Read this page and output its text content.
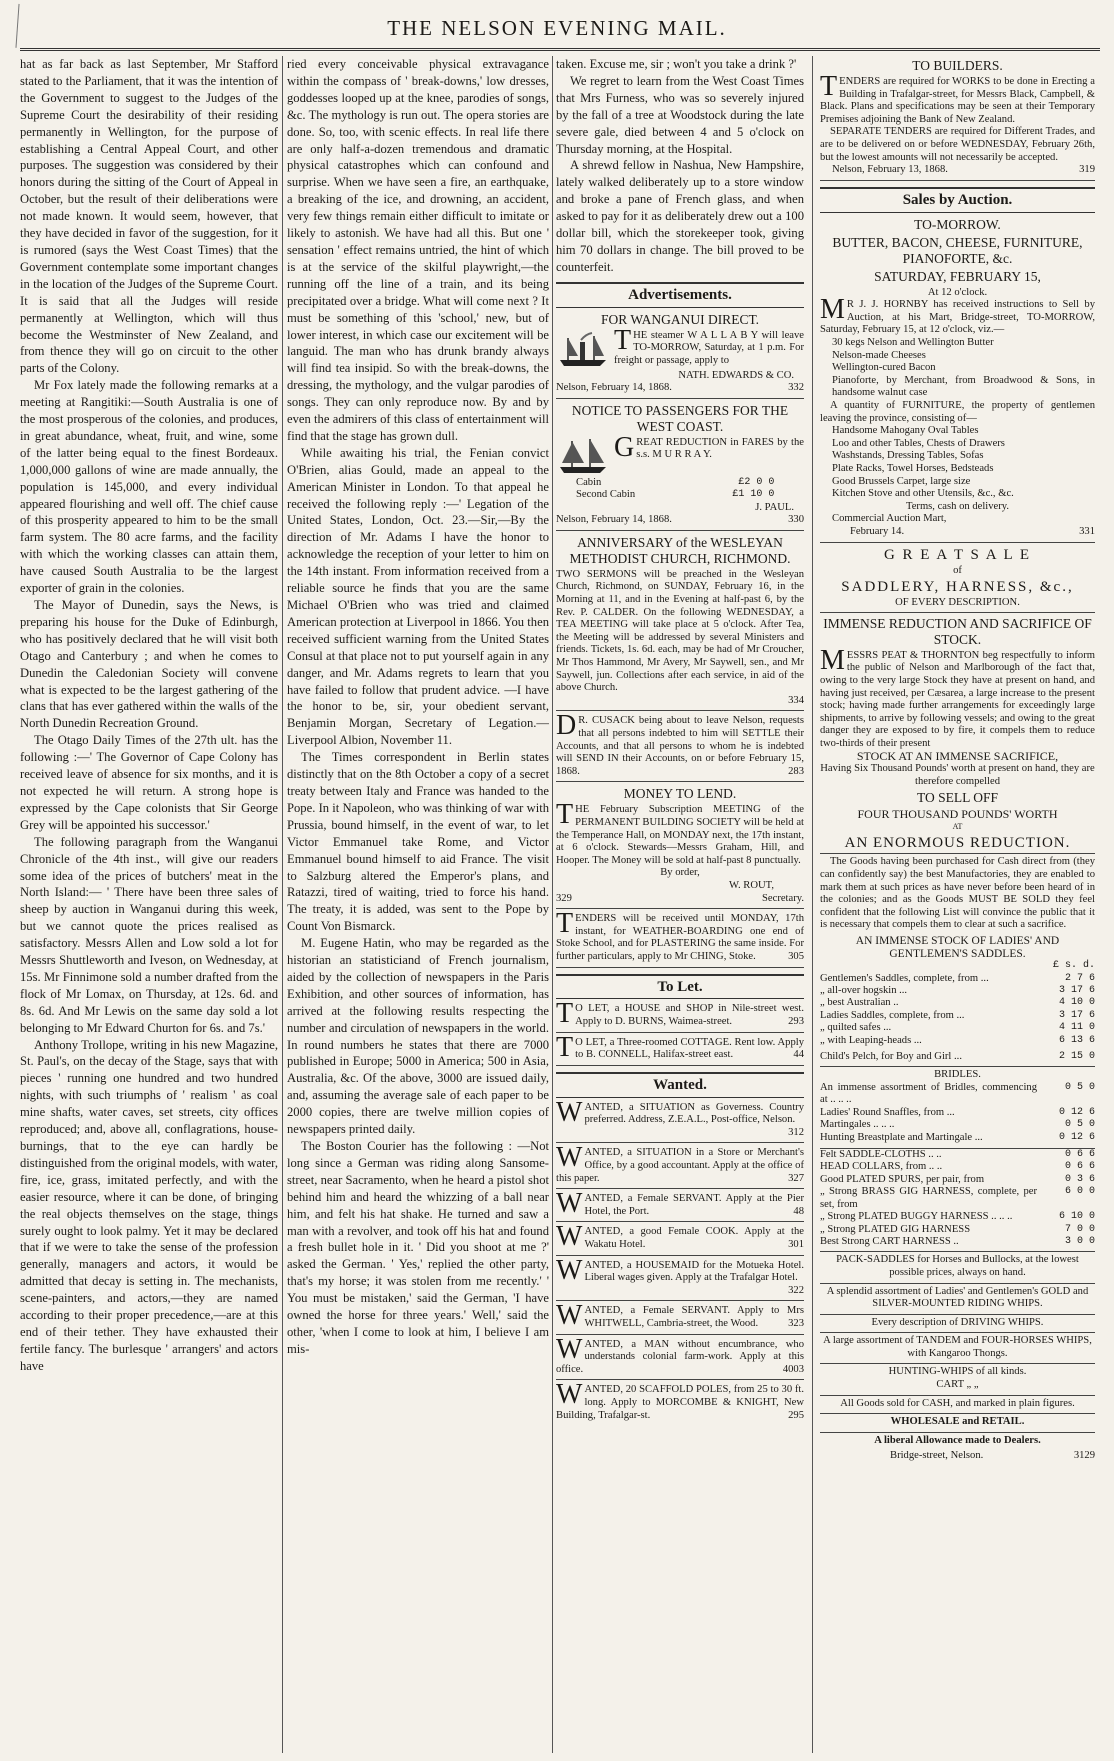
THE NELSON EVENING MAIL.

hat as far back as last September, Mr Stafford stated to the Parliament, that it was the intention of the Government to suggest to the Judges of the Supreme Court the desirability of their residing permanently in Wellington, for the purpose of establishing a Central Appeal Court, and other purposes. The suggestion was considered by their honors during the sitting of the Court of Appeal in October, but the result of their deliberations were not made known. It would seem, however, that they have decided in favor of the suggestion, for it is rumored (says the West Coast Times) that the Government contemplate some important changes in the location of the Judges of the Supreme Court. It is said that all the Judges will reside permanently at Wellington, which will thus become the Westminster of New Zealand, and from thence they will go on circuit to the other parts of the Colony.

Mr Fox lately made the following remarks at a meeting at Rangitiki:—South Australia is one of the most prosperous of the colonies, and produces, in great abundance, wheat, fruit, and wine, some of the latter being equal to the finest Bordeaux. 1,000,000 gallons of wine are made annually, the population is 145,000, and every individual appeared flourishing and well off. The chief cause of this prosperity appeared to him to be the small farm system. The 80 acre farms, and the facility with which the working classes can attain them, have caused South Australia to be the largest exporter of grain in the colonies.

The Mayor of Dunedin, says the News, is preparing his house for the Duke of Edinburgh, who has positively declared that he will visit both Otago and Canterbury ; and when he comes to Dunedin the Caledonian Society will convene what is expected to be the largest gathering of the clans that has ever gathered within the walls of the North Dunedin Recreation Ground.

The Otago Daily Times of the 27th ult. has the following :—' The Governor of Cape Colony has received leave of absence for six months, and it is not expected he will return. A strong hope is expressed by the Cape colonists that Sir George Grey will be appointed his successor.'

The following paragraph from the Wanganui Chronicle of the 4th inst., will give our readers some idea of the prices of butchers' meat in the North Island:— ' There have been three sales of sheep by auction in Wanganui during this week, but we cannot quote the prices realised as satisfactory. Messrs Allen and Low sold a lot for Messrs Shuttleworth and Iveson, on Wednesday, at 15s. Mr Finnimone sold a number drafted from the flock of Mr Lomax, on Thursday, at 12s. 6d. and 8s. 6d. And Mr Lewis on the same day sold a lot belonging to Mr Edward Churton for 6s. and 7s.'

Anthony Trollope, writing in his new Magazine, St. Paul's, on the decay of the Stage, says that with pieces ' running one hundred and two hundred nights, with such triumphs of ' realism ' as coal mine shafts, water caves, set streets, city offices reproduced; and, above all, conflagrations, house-burnings, that to the eye can hardly be distinguished from the original models, with water, fire, ice, grass, imitated perfectly, and with the easier resource, where it can be done, of bringing the real objects themselves on the stage, things surely ought to look palmy. Yet it may be declared that if we were to take the sense of the profession generally, managers and actors, it would be admitted that decay is setting in. The mechanists, scene-painters, and actors,—they are named according to their proper precedence,—are at this end of their tether. They have exhausted their fertile fancy. The burlesque ' arrangers' and actors have

ried every conceivable physical extravagance within the compass of ' break-downs,' low dresses, goddesses looped up at the knee, parodies of songs, &c. The mythology is run out. The opera stories are done. So, too, with scenic effects. In real life there are only half-a-dozen tremendous and dramatic physical catastrophes which can confound and surprise. When we have seen a fire, an earthquake, a breaking of the ice, and drowning, an accident, very few things remain either difficult to imitate or likely to astonish. We have had all this. But one ' sensation ' effect remains untried, the hint of which is at the service of the skilful playwright,—the running off the line of a train, and its being precipitated over a bridge. What will come next ? It must be something of this 'school,' new, but of lower interest, in which case our excitement will be languid. The man who has drunk brandy always will find tea insipid. So with the break-downs, the dressing, the mythology, and the vulgar parodies of songs. They can only reproduce now. By and by even the admirers of this class of entertainment will find that the stage has grown dull.

While awaiting his trial, the Fenian convict O'Brien, alias Gould, made an appeal to the American Minister in London. To that appeal he received the following reply :—' Legation of the United States, London, Oct. 23.—Sir,—By the direction of Mr. Adams I have the honor to acknowledge the reception of your letter to him on the 14th instant. From information received from a reliable source he finds that you are the same Michael O'Brien who was tried and claimed American protection at Liverpool in 1866. You then received sufficient warning from the United States Consul at that place not to put yourself again in any danger, and Mr. Adams regrets to learn that you have failed to follow that prudent advice. —I have the honor to be, sir, your obedient servant, Benjamin Morgan, Secretary of Legation.—Liverpool Albion, November 11.

The Times correspondent in Berlin states distinctly that on the 8th October a copy of a secret treaty between Italy and France was handed to the Pope. In it Napoleon, who was thinking of war with Prussia, bound himself, in the event of war, to let Victor Emmanuel take Rome, and Victor Emmanuel bound himself to aid France. The visit to Salzburg altered the Emperor's plans, and Ratazzi, tired of waiting, tried to force his hand. The treaty, it is added, was sent to the Pope by Count Von Bismarck.

M. Eugene Hatin, who may be regarded as the historian an statisticiand of French journalism, aided by the collection of newspapers in the Paris Exhibition, and other sources of information, has arrived at the following results respecting the number and circulation of newspapers in the world. In round numbers he states that there are 7000 published in Europe; 5000 in America; 500 in Asia, Australia, &c. Of the above, 3000 are issued daily, and, assuming the average sale of each paper to be 2000 copies, there are twelve million copies of newspapers printed daily.

The Boston Courier has the following : —Not long since a German was riding along Sansome-street, near Sacramento, when he heard a pistol shot behind him and heard the whizzing of a ball near him, and felt his hat shake. He turned and saw a man with a revolver, and took off his hat and found a fresh bullet hole in it. ' Did you shoot at me ?' asked the German. ' Yes,' replied the other party, that's my horse; it was stolen from me recently.' ' You must be mistaken,' said the German, 'I have owned the horse for three years.' Well,' said the other, 'when I come to look at him, I believe I am mis-

taken. Excuse me, sir ; won't you take a drink ?'

We regret to learn from the West Coast Times that Mrs Furness, who was so severely injured by the fall of a tree at Woodstock during the late severe gale, died between 4 and 5 o'clock on Thursday morning, at the Hospital.

A shrewd fellow in Nashua, New Hampshire, lately walked deliberately up to a store window and broke a pane of French glass, and when asked to pay for it as deliberately drew out a 100 dollar bill, which the storekeeper took, giving him 70 dollars in change. The bill proved to be counterfeit.

Advertisements.
FOR WANGANUI DIRECT.
T HE steamer W A L L A B Y will leave TO-MORROW, Saturday, at 1 p.m. For freight or passage, apply to
NATH. EDWARDS & CO.
Nelson, February 14, 1868.	332
NOTICE TO PASSENGERS FOR THE WEST COAST.
G REAT REDUCTION in FARES by the s.s. M U R R A Y.
Cabin	£2 0 0
Second Cabin	£1 10 0
J. PAUL.
Nelson, February 14, 1868.	330
ANNIVERSARY of the WESLEYAN METHODIST CHURCH, RICHMOND.
TWO SERMONS will be preached in the Wesleyan Church, Richmond, on SUNDAY, February 16, in the Morning at 11, and in the Evening at half-past 6, by the Rev. P. CALDER. On the following WEDNESDAY, a TEA MEETING will take place at 5 o'clock. After Tea, the Meeting will be addressed by several Ministers and friends. Tickets, 1s. 6d. each, may be had of Mr Croucher, Mr Thos Hammond, Mr Avery, Mr Saywell, sen., and Mr Saywell, jun. Collections after each service, in aid of the above Church.
334
D R. CUSACK being about to leave Nelson, requests that all persons indebted to him will SETTLE their Accounts, and that all persons to whom he is indebted will SEND IN their Accounts, on or before February 15, 1868.	283
MONEY TO LEND.
T HE February Subscription MEETING of the PERMANENT BUILDING SOCIETY will be held at the Temperance Hall, on MONDAY next, the 17th instant, at 6 o'clock. Stewards—Messrs Graham, Hill, and Hooper. The Money will be sold at half-past 8 punctually.
By order,
W. ROUT,
329	Secretary.
T ENDERS will be received until MONDAY, 17th instant, for WEATHER-BOARDING one end of Stoke School, and for PLASTERING the same inside. For further particulars, apply to Mr CHING, Stoke.	305
To Let.
T O LET, a HOUSE and SHOP in Nile-street west. Apply to D. BURNS, Waimea-street.	293
T O LET, a Three-roomed COTTAGE. Rent low. Apply to B. CONNELL, Halifax-street east.	44
Wanted.
WANTED, a SITUATION as Governess. Country preferred. Address, Z.E.A.L., Post-office, Nelson.
312
WANTED, a SITUATION in a Store or Merchant's Office, by a good accountant. Apply at the office of this paper.	327
WANTED, a Female SERVANT. Apply at the Pier Hotel, the Port.	48
WANTED, a good Female COOK. Apply at the Wakatu Hotel.	301
WANTED, a HOUSEMAID for the Motueka Hotel. Liberal wages given. Apply at the Trafalgar Hotel.
322
WANTED, a Female SERVANT. Apply to Mrs WHITWELL, Cambria-street, the Wood.	323
WANTED, a MAN without encumbrance, who understands colonial farm-work. Apply at this office.	4003
WANTED, 20 SCAFFOLD POLES, from 25 to 30 ft. long. Apply to MORCOMBE & KNIGHT, New Building, Trafalgar-st.	295
TO BUILDERS.
T ENDERS are required for WORKS to be done in Erecting a Building in Trafalgar-street, for Messrs Black, Campbell, & Black. Plans and specifications may be seen at their Temporary Premises adjoining the Bank of New Zealand.
SEPARATE TENDERS are required for Different Trades, and are to be delivered on or before WEDNESDAY, February 26th, but the lowest amounts will not necessarily be accepted.
Nelson, February 13, 1868.	319
Sales by Auction.
TO-MORROW.
BUTTER, BACON, CHEESE, FURNITURE, PIANOFORTE, &c.
SATURDAY, FEBRUARY 15,
At 12 o'clock.
M R J. J. HORNBY has received instructions to Sell by Auction, at his Mart, Bridge-street, TO-MORROW, Saturday, February 15, at 12 o'clock, viz.—
30 kegs Nelson and Wellington Butter
Nelson-made Cheeses
Wellington-cured Bacon
Pianoforte, by Merchant, from Broadwood & Sons, in handsome walnut case
A quantity of FURNITURE, the property of gentlemen leaving the province, consisting of—
Handsome Mahogany Oval Tables
Loo and other Tables, Chests of Drawers
Washstands, Dressing Tables, Sofas
Plate Racks, Towel Horses, Bedsteads
Good Brussels Carpet, large size
Kitchen Stove and other Utensils, &c., &c.
Terms, cash on delivery.
Commercial Auction Mart,
February 14.	331
G R E A T S A L E
of
SADDLERY, HARNESS, &c.,
OF EVERY DESCRIPTION.
IMMENSE REDUCTION AND SACRIFICE OF STOCK.
M ESSRS PEAT & THORNTON beg respectfully to inform the public of Nelson and Marlborough of the fact that, owing to the very large Stock they have at present on hand, and having just received, per Cæsarea, a large increase to the present stock; having made further arrangements for exceedingly large shipments, to arrive by following vessels; and owing to the great danger they are exposed to by fire, it compels them to reduce two-thirds of their present
STOCK AT AN IMMENSE SACRIFICE,
Having Six Thousand Pounds' worth at present on hand, they are therefore compelled
TO SELL OFF
FOUR THOUSAND POUNDS' WORTH
AT
AN ENORMOUS REDUCTION.
The Goods having been purchased for Cash direct from (they can confidently say) the best Manufactories, they are enabled to mark them at such prices as have never before been heard of in the colonies; and as the Goods MUST BE SOLD they feel confident that the following List will convince the public that it is necessary that compels them to clear at such a sacrifice.
AN IMMENSE STOCK OF LADIES' AND GENTLEMEN'S SADDLES.
	£ s. d.
Gentlemen's Saddles, complete, from ...	2 7 6
„ all-over hogskin ...	3 17 6
„ best Australian ..	4 10 0
Ladies Saddles, complete, from ...	3 17 6
„ quilted safes ...	4 11 0
„ with Leaping-heads ...	6 13 6

Child's Pelch, for Boy and Girl ...	2 15 0
BRIDLES.
An immense assortment of Bridles, commencing at .. .. ..	0 5 0
Ladies' Round Snaffles, from ...	0 12 6
Martingales .. .. ..	0 5 0
Hunting Breastplate and Martingale ...	0 12 6

Felt SADDLE-CLOTHS .. ..	0 6 6
HEAD COLLARS, from .. ..	0 6 6
Good PLATED SPURS, per pair, from	0 3 6
„ Strong BRASS GIG HARNESS, complete, per set, from	6 0 0
„ Strong PLATED BUGGY HARNESS .. .. ..	6 10 0
„ Strong PLATED GIG HARNESS	7 0 0
Best Strong CART HARNESS ..	3 0 0
PACK-SADDLES for Horses and Bullocks, at the lowest possible prices, always on hand.
A splendid assortment of Ladies' and Gentlemen's GOLD and SILVER-MOUNTED RIDING WHIPS.
Every description of DRIVING WHIPS.
A large assortment of TANDEM and FOUR-HORSES WHIPS, with Kangaroo Thongs.
HUNTING-WHIPS of all kinds.
CART „ „
All Goods sold for CASH, and marked in plain figures.
WHOLESALE and RETAIL.
A liberal Allowance made to Dealers.
Bridge-street, Nelson.	3129
